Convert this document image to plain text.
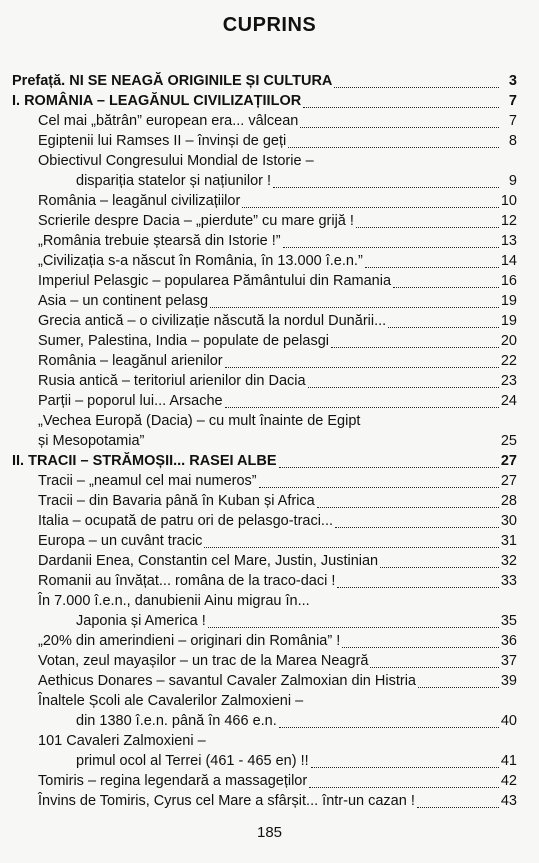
CUPRINS
Prefață. NI SE NEAGĂ ORIGINILE ȘI CULTURA	3
I. ROMÂNIA – LEAGĂNUL CIVILIZAȚIILOR	7
Cel mai „bătrân” european era... vâlcean	7
Egiptenii lui Ramses II – învinși de geți	8
Obiectivul Congresului Mondial de Istorie –
dispariția statelor și națiunilor !	9
România – leagănul civilizațiilor	10
Scrierile despre Dacia – „pierdute” cu mare grijă !	12
„România trebuie ștearsă din Istorie !”	13
„Civilizația s-a născut în România, în 13.000 î.e.n.”	14
Imperiul Pelasgic – popularea Pământului din Ramania	16
Asia – un continent pelasg	19
Grecia antică – o civilizație născută la nordul Dunării...	19
Sumer, Palestina, India – populate de pelasgi	20
România – leagănul arienilor	22
Rusia antică – teritoriul arienilor din Dacia	23
Parții – poporul lui... Arsache	24
„Vechea Europă (Dacia) – cu mult înainte de Egipt
și Mesopotamia”	25
II. TRACII – STRĂMOȘII... RASEI ALBE	27
Tracii – „neamul cel mai numeros”	27
Tracii – din Bavaria până în Kuban și Africa	28
Italia – ocupată de patru ori de pelasgo-traci...	30
Europa – un cuvânt tracic	31
Dardanii Enea, Constantin cel Mare, Justin, Justinian	32
Romanii au învățat... româna de la traco-daci !	33
În 7.000 î.e.n., danubienii Ainu migrau în...
Japonia și America !	35
„20% din amerindieni – originari din România” !	36
Votan, zeul mayașilor – un trac de la Marea Neagră	37
Aethicus Donares – savantul Cavaler Zalmoxian din Histria	39
Înaltele Școli ale Cavalerilor Zalmoxieni –
din 1380 î.e.n. până în 466 e.n.	40
101 Cavaleri Zalmoxieni –
primul ocol al Terrei (461 - 465 en) !!	41
Tomiris – regina legendară a massageților	42
Învins de Tomiris, Cyrus cel Mare a sfârșit... într-un cazan !	43
185
